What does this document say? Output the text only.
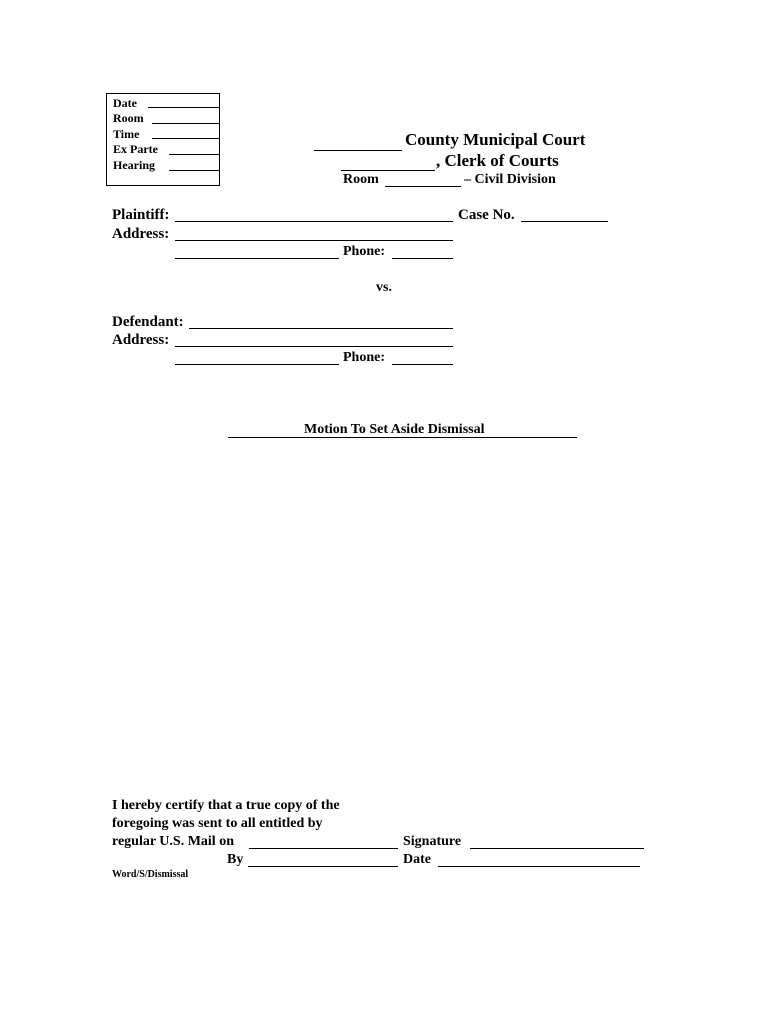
Date
Room
Time
Ex Parte
Hearing
County Municipal Court
, Clerk of Courts
Room	– Civil Division
Plaintiff:	Case No.
Address:
Phone:
vs.
Defendant:
Address:
Phone:
Motion To Set Aside Dismissal
I hereby certify that a true copy of the
foregoing was sent to all entitled by
regular U.S. Mail on	Signature
By	Date
Word/S/Dismissal
